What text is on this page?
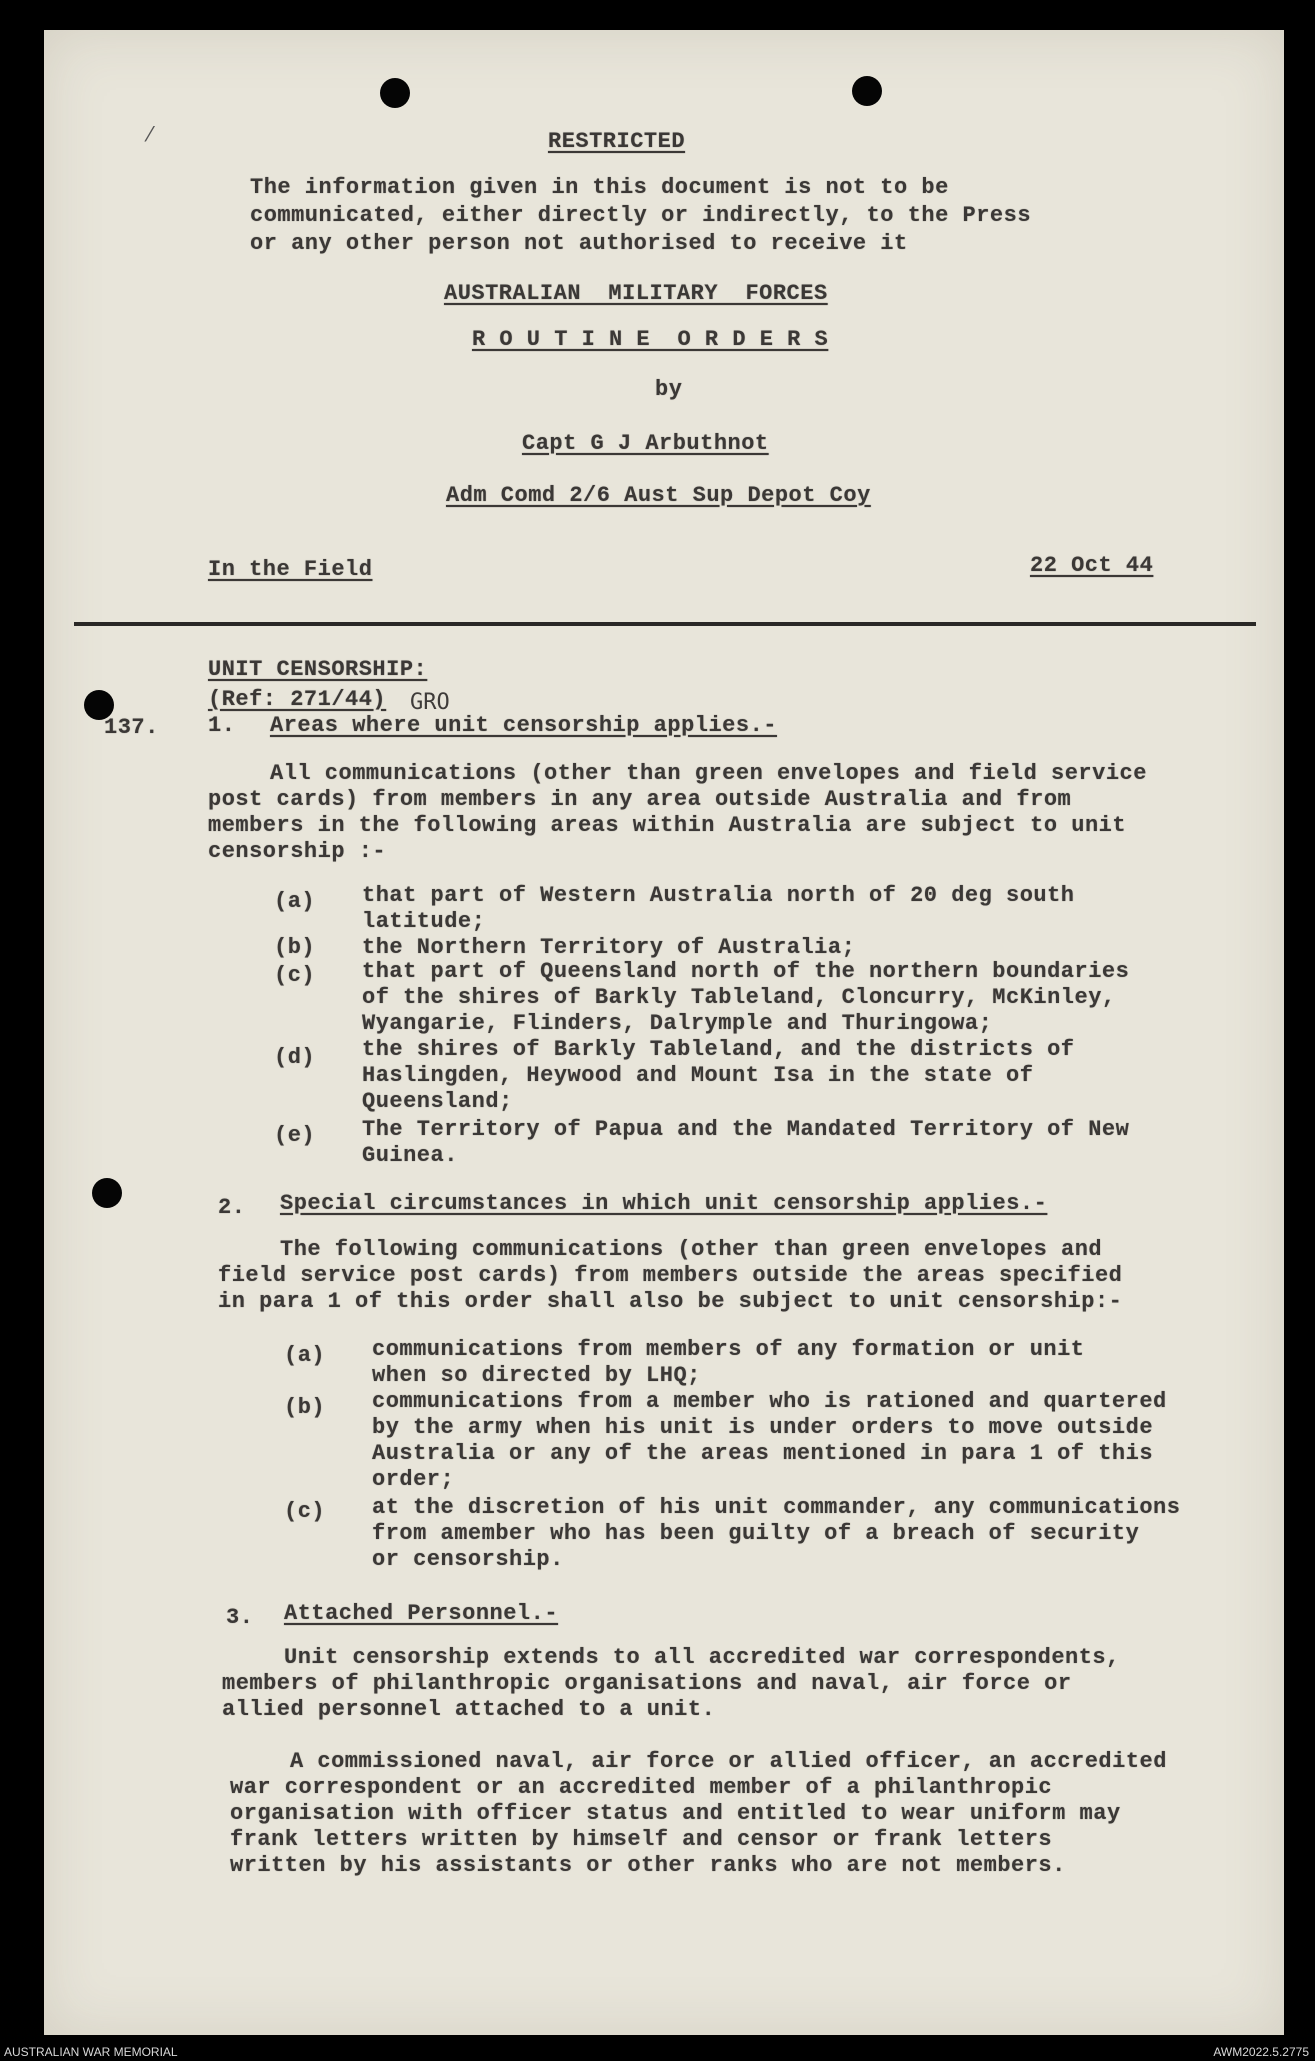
⁄	RESTRICTED
The information given in this document is not to be
communicated, either directly or indirectly, to the Press
or any other person not authorised to receive it
AUSTRALIAN  MILITARY  FORCES
R O U T I N E  O R D E R S
by
Capt G J Arbuthnot
Adm Comd 2/6 Aust Sup Depot Coy
In the Field	22 Oct 44
UNIT CENSORSHIP:
(Ref: 271/44) GRO
137. 1. Areas where unit censorship applies.-
All communications (other than green envelopes and field service
post cards) from members in any area outside Australia and from
members in the following areas within Australia are subject to unit
censorship :-
(a) that part of Western Australia north of 20 deg south
latitude;
(b) the Northern Territory of Australia;
(c) that part of Queensland north of the northern boundaries
of the shires of Barkly Tableland, Cloncurry, McKinley,
Wyangarie, Flinders, Dalrymple and Thuringowa;
(d) the shires of Barkly Tableland, and the districts of
Haslingden, Heywood and Mount Isa in the state of
Queensland;
(e) The Territory of Papua and the Mandated Territory of New
Guinea.
2. Special circumstances in which unit censorship applies.-
The following communications (other than green envelopes and
field service post cards) from members outside the areas specified
in para 1 of this order shall also be subject to unit censorship:-
(a) communications from members of any formation or unit
when so directed by LHQ;
(b) communications from a member who is rationed and quartered
by the army when his unit is under orders to move outside
Australia or any of the areas mentioned in para 1 of this
order;
(c) at the discretion of his unit commander, any communications
from amember who has been guilty of a breach of security
or censorship.
3. Attached Personnel.-
Unit censorship extends to all accredited war correspondents,
members of philanthropic organisations and naval, air force or
allied personnel attached to a unit.
A commissioned naval, air force or allied officer, an accredited
war correspondent or an accredited member of a philanthropic
organisation with officer status and entitled to wear uniform may
frank letters written by himself and censor or frank letters
written by his assistants or other ranks who are not members.
AUSTRALIAN WAR MEMORIAL	AWM2022.5.2775
